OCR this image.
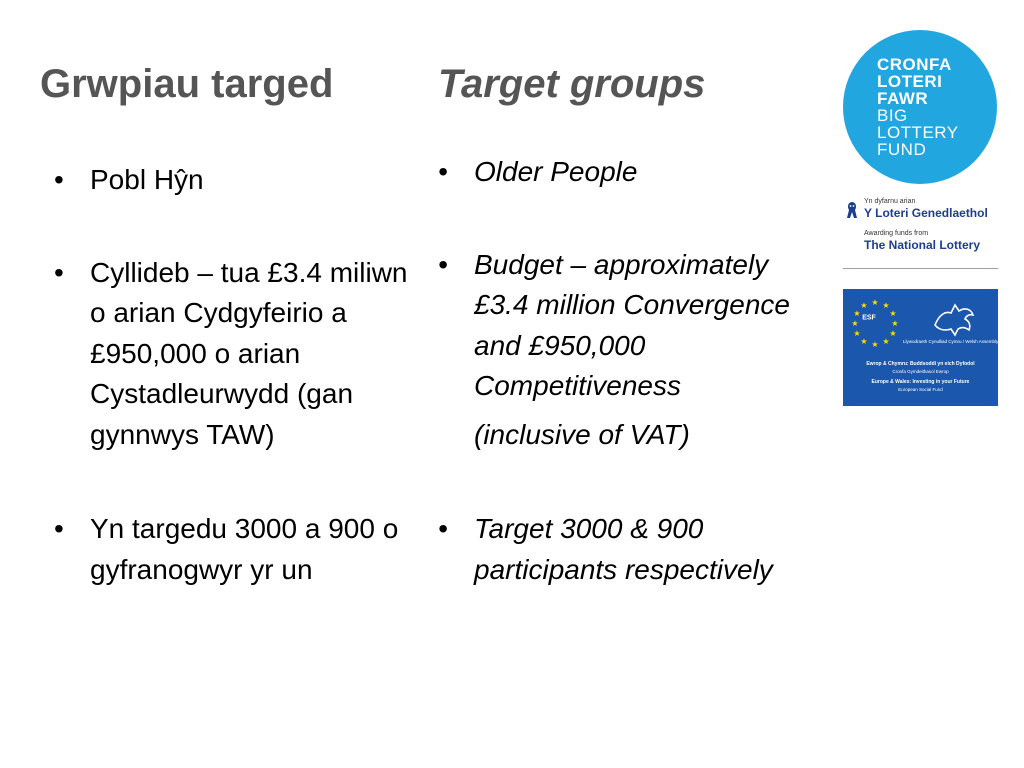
Grwpiau targed	Target groups
• Pobl Hŷn
• Cyllideb – tua £3.4 miliwn o arian Cydgyfeirio a £950,000 o arian Cystadleurwydd (gan gynnwys TAW)
• Yn targedu 3000 a 900 o gyfranogwyr yr un
• Older People
• Budget – approximately £3.4 million Convergence and £950,000 Competitiveness
(inclusive of VAT)
• Target 3000 & 900 participants respectively
CRONFA
LOTERI
FAWR
BIG
LOTTERY
FUND
Yn dyfarnu arian
Y Loteri Genedlaethol
Awarding funds from
The National Lottery
★ ★
★
★
★
★
★
★
★
★
★
★
ESF
Llywodraeth Cynulliad Cymru / Welsh Assembly Government
Ewrop & Chymru: Buddsoddi yn eich Dyfodol
Cronfa Gymdeithasol Ewrop
Europe & Wales: Investing in your Future
European Social Fund
